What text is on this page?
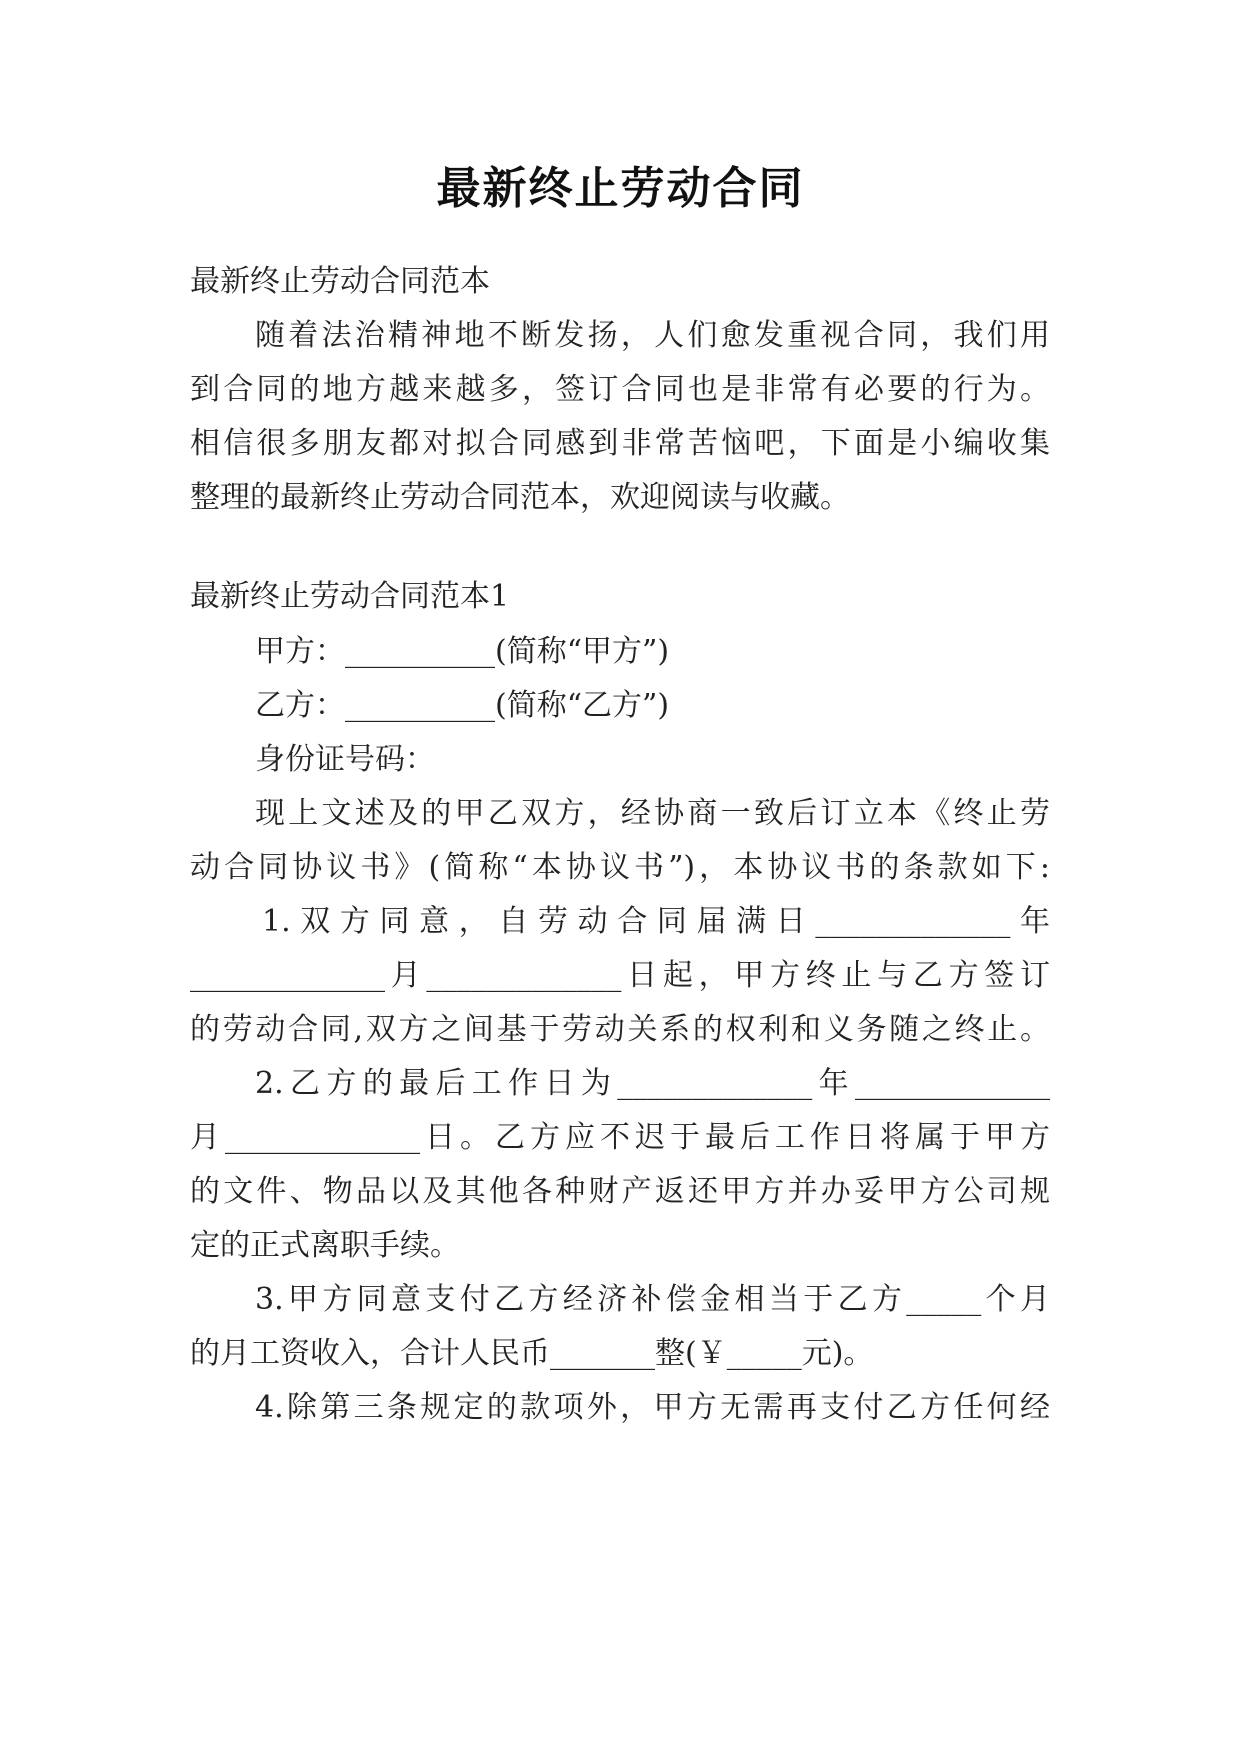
最新终止劳动合同
最新终止劳动合同范本
随着法治精神地不断发扬，人们愈发重视合同，我们用
到合同的地方越来越多，签订合同也是非常有必要的行为。
相信很多朋友都对拟合同感到非常苦恼吧，下面是小编收集
整理的最新终止劳动合同范本，欢迎阅读与收藏。
最新终止劳动合同范本1
甲方：__________(简称“甲方”)
乙方：__________(简称“乙方”)
身份证号码：
现上文述及的甲乙双方，经协商一致后订立本《终止劳
动合同协议书》(简称“本协议书”)，本协议书的条款如下:
1.双方同意，自劳动合同届满日_____________年
_____________月_____________日起，甲方终止与乙方签订
的劳动合同,双方之间基于劳动关系的权利和义务随之终止。
2.乙方的最后工作日为_____________年_____________
月_____________日。乙方应不迟于最后工作日将属于甲方
的文件、物品以及其他各种财产返还甲方并办妥甲方公司规
定的正式离职手续。
3.甲方同意支付乙方经济补偿金相当于乙方_____个月
的月工资收入，合计人民币_______整(￥_____元)。
4.除第三条规定的款项外，甲方无需再支付乙方任何经
